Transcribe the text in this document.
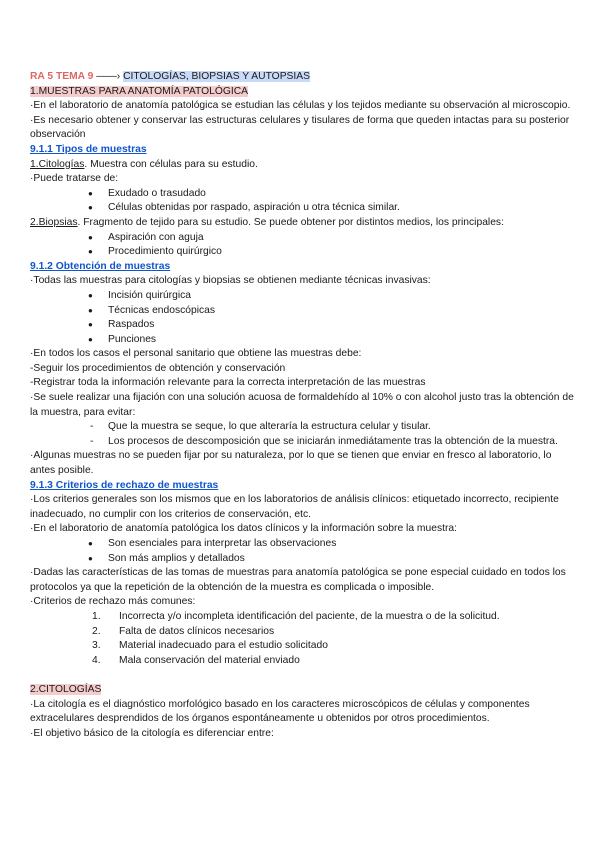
RA 5 TEMA 9 ——› CITOLOGÍAS, BIOPSIAS Y AUTOPSIAS
1.MUESTRAS PARA ANATOMÍA PATOLÓGICA
·En el laboratorio de anatomía patológica se estudian las células y los tejidos mediante su observación al microscopio.
·Es necesario obtener y conservar las estructuras celulares y tisulares de forma que queden intactas para su posterior observación
9.1.1 Tipos de muestras
1.Citologías. Muestra con células para su estudio.
·Puede tratarse de:
● Exudado o trasudado
● Células obtenidas por raspado, aspiración u otra técnica similar.
2.Biopsias. Fragmento de tejido para su estudio. Se puede obtener por distintos medios, los principales:
● Aspiración con aguja
● Procedimiento quirúrgico
9.1.2 Obtención de muestras
·Todas las muestras para citologías y biopsias se obtienen mediante técnicas invasivas:
● Incisión quirúrgica
● Técnicas endoscópicas
● Raspados
● Punciones
·En todos los casos el personal sanitario que obtiene las muestras debe:
-Seguir los procedimientos de obtención y conservación
-Registrar toda la información relevante para la correcta interpretación de las muestras
·Se suele realizar una fijación con una solución acuosa de formaldehído al 10% o con alcohol justo tras la obtención de la muestra, para evitar:
- Que la muestra se seque, lo que alteraría la estructura celular y tisular.
- Los procesos de descomposición que se iniciarán inmediátamente tras la obtención de la muestra.
·Algunas muestras no se pueden fijar por su naturaleza, por lo que se tienen que enviar en fresco al laboratorio, lo antes posible.
9.1.3 Criterios de rechazo de muestras
·Los criterios generales son los mismos que en los laboratorios de análisis clínicos: etiquetado incorrecto, recipiente inadecuado, no cumplir con los criterios de conservación, etc.
·En el laboratorio de anatomía patológica los datos clínicos y la información sobre la muestra:
● Son esenciales para interpretar las observaciones
● Son más amplios y detallados
·Dadas las características de las tomas de muestras para anatomía patológica se pone especial cuidado en todos los protocolos ya que la repetición de la obtención de la muestra es complicada o imposible.
·Criterios de rechazo más comunes:
1. Incorrecta y/o incompleta identificación del paciente, de la muestra o de la solicitud.
2. Falta de datos clínicos necesarios
3. Material inadecuado para el estudio solicitado
4. Mala conservación del material enviado
2.CITOLOGÍAS
·La citología es el diagnóstico morfológico basado en los caracteres microscópicos de células y componentes extracelulares desprendidos de los órganos espontáneamente u obtenidos por otros procedimientos.
·El objetivo básico de la citología es diferenciar entre:
